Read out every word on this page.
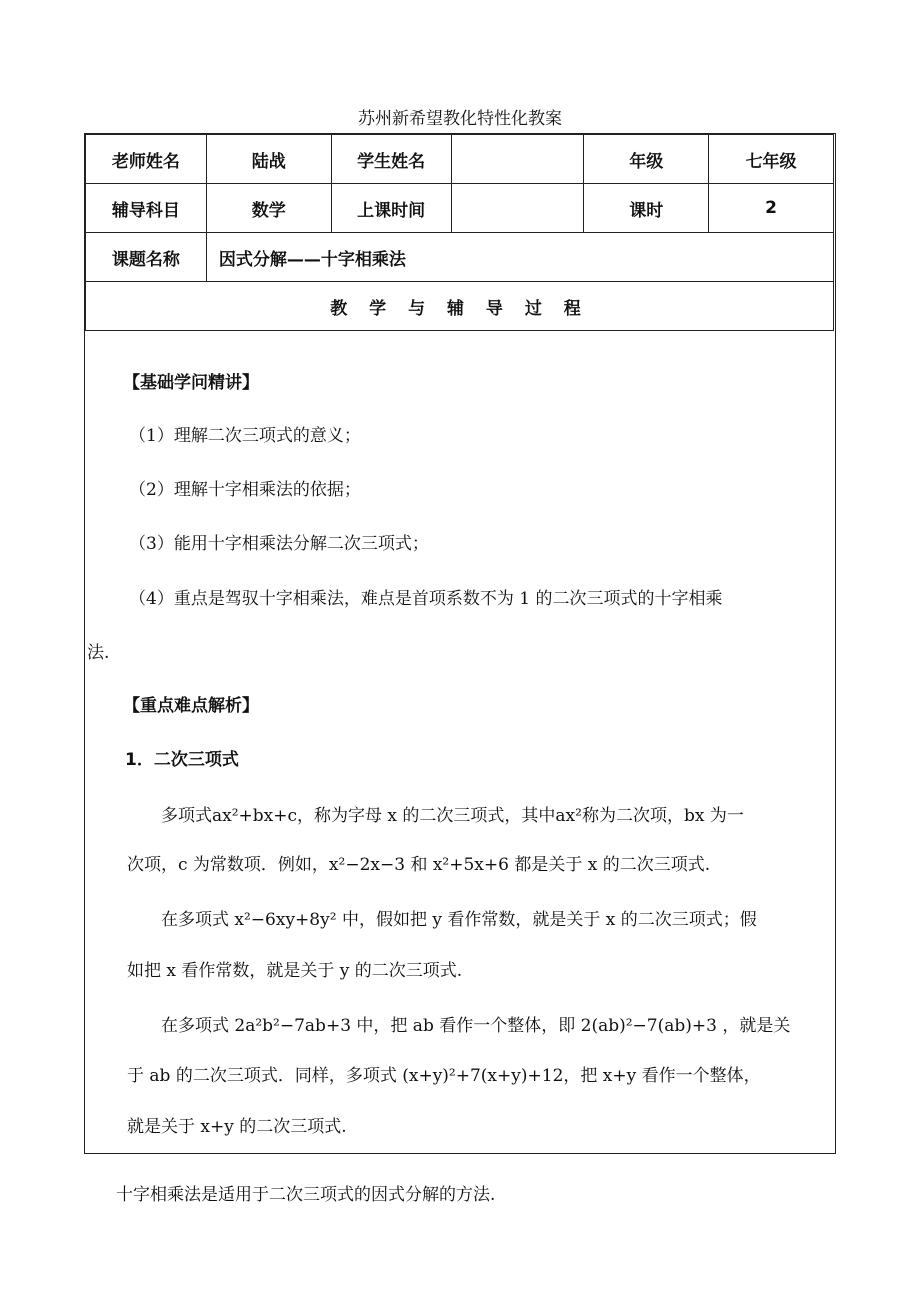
苏州新希望教化特性化教案
老师姓名	陆战	学生姓名		年级	七年级
辅导科目	数学	上课时间		课时	2
课题名称	因式分解——十字相乘法				
教 学 与 辅 导 过 程					
【基础学问精讲】
（1）理解二次三项式的意义；
（2）理解十字相乘法的依据；
（3）能用十字相乘法分解二次三项式；
（4）重点是驾驭十字相乘法，难点是首项系数不为 1 的二次三项式的十字相乘
法.
【重点难点解析】
1．二次三项式
多项式ax²+bx+c，称为字母 x 的二次三项式，其中ax²称为二次项，bx 为一
次项，c 为常数项．例如，x²−2x−3 和 x²+5x+6 都是关于 x 的二次三项式.
在多项式 x²−6xy+8y² 中，假如把 y 看作常数，就是关于 x 的二次三项式；假
如把 x 看作常数，就是关于 y 的二次三项式.
在多项式 2a²b²−7ab+3 中，把 ab 看作一个整体，即 2(ab)²−7(ab)+3 ，就是关
于 ab 的二次三项式．同样，多项式 (x+y)²+7(x+y)+12，把 x+y 看作一个整体，
就是关于 x+y 的二次三项式.
十字相乘法是适用于二次三项式的因式分解的方法.
